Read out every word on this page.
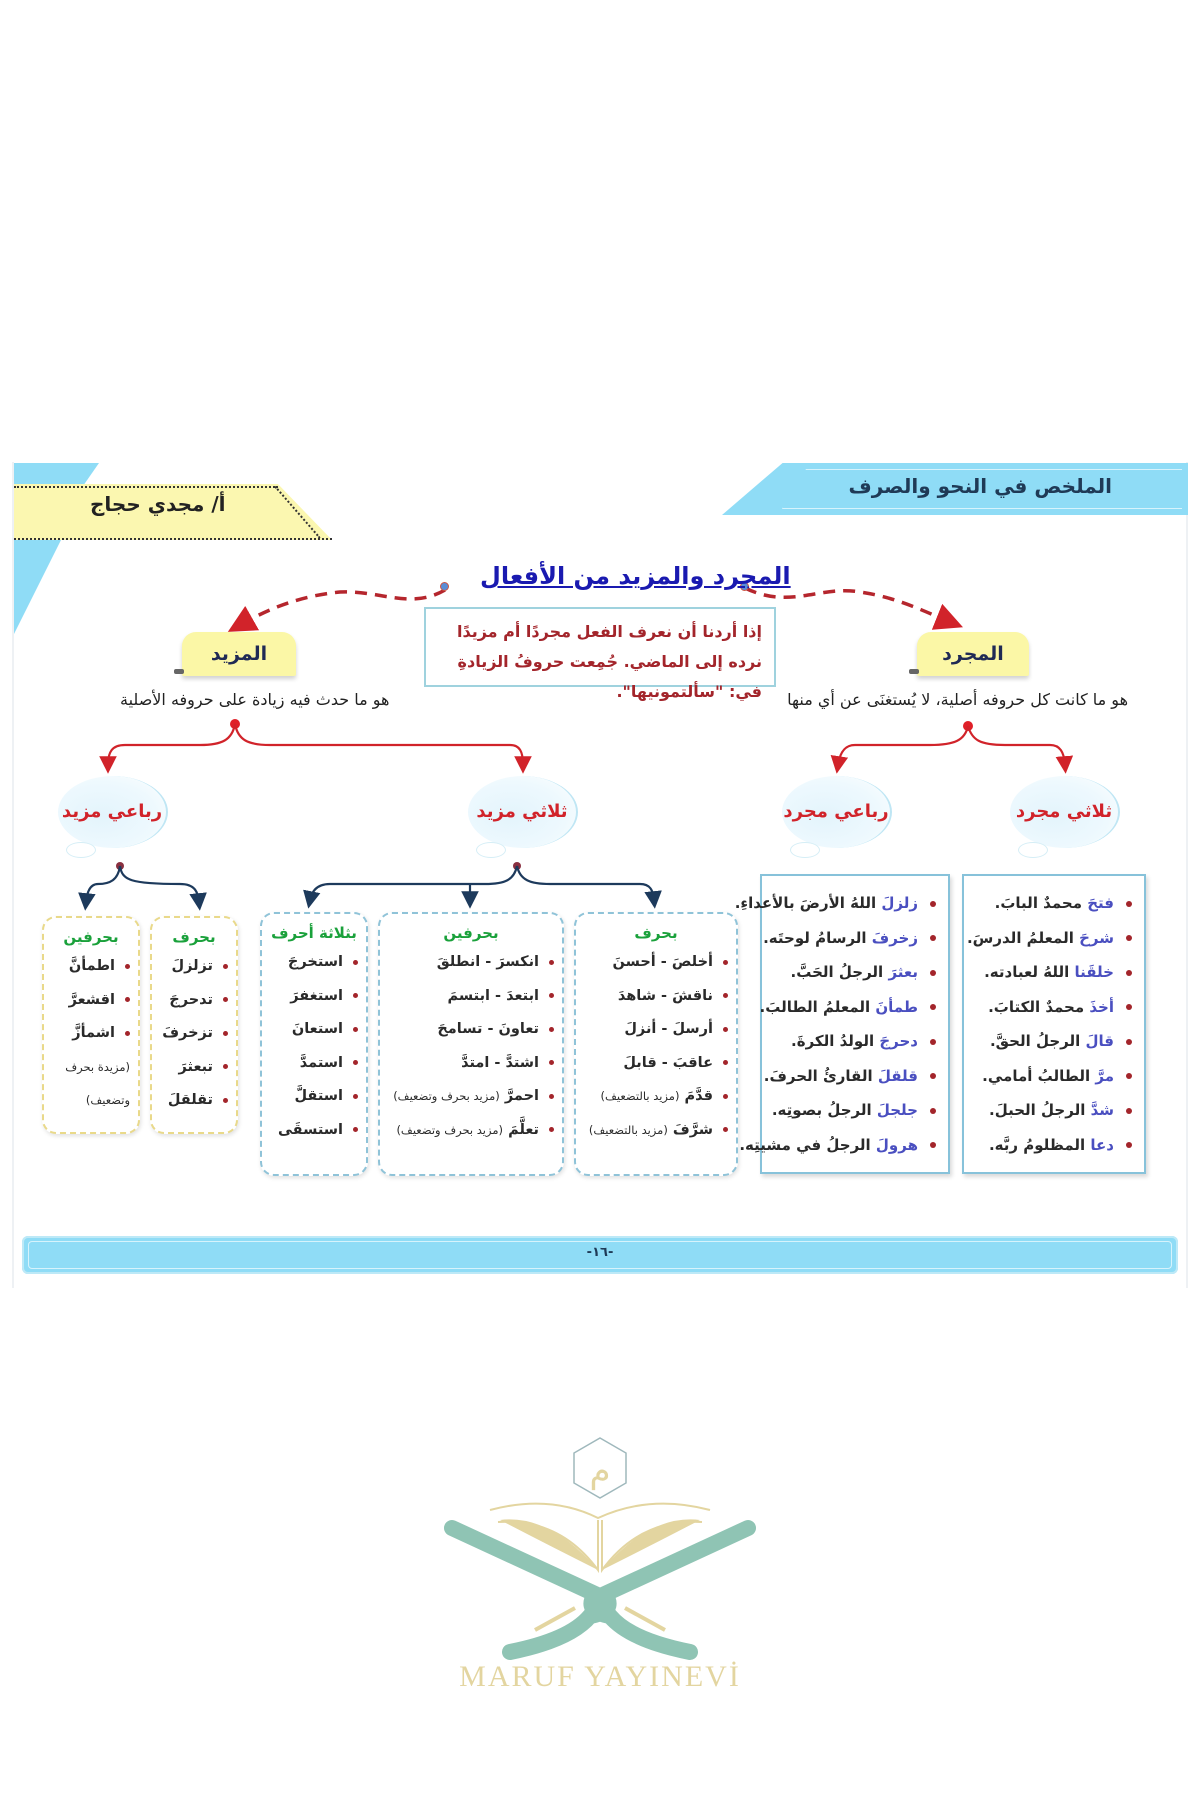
الملخص في النحو والصرف
أ/ مجدي حجاج
المجرد والمزيد من الأفعال
إذا أردنا أن نعرف الفعل مجردًا أم مزيدًا نرده إلى الماضي. جُمِعت حروفُ الزيادةِ في: "سألتمونيها".
المجرد
هو ما كانت كل حروفه أصلية، لا يُستغنَى عن أي منها
المزيد
هو ما حدث فيه زيادة على حروفه الأصلية
ثلاثي مجرد
رباعي مجرد
ثلاثي مزيد
رباعي مزيد
فتحَ محمدٌ البابَ.
شرحَ المعلمُ الدرسَ.
خلقَنا اللهُ لعبادته.
أخذَ محمدٌ الكتابَ.
قالَ الرجلُ الحقَّ.
مرَّ الطالبُ أمامي.
شدَّ الرجلُ الحبلَ.
دعا المظلومُ ربَّه.
زلزلَ اللهُ الأرضَ بالأعداءِ.
زخرفَ الرسامُ لوحتَه.
بعثرَ الرجلُ الحَبَّ.
طمأنَ المعلمُ الطالبَ.
دحرجَ الولدُ الكرةَ.
قلقلَ القارئُ الحرفَ.
جلجلَ الرجلُ بصوتِه.
هرولَ الرجلُ في مشيتِه.
بحرف
أخلصَ - أحسنَ
ناقشَ - شاهدَ
أرسلَ - أنزلَ
عاقبَ - قابلَ
قدَّمَ (مزيد بالتضعيف)
شرَّفَ (مزيد بالتضعيف)
بحرفين
انكسرَ - انطلقَ
ابتعدَ - ابتسمَ
تعاونَ - تسامحَ
اشتدَّ - امتدَّ
احمرَّ (مزيد بحرف وتضعيف)
تعلَّمَ (مزيد بحرف وتضعيف)
بثلاثة أحرف
استخرجَ
استغفرَ
استعانَ
استمدَّ
استقلَّ
استسقَى
بحرف
تزلزلَ
تدحرجَ
تزخرفَ
تبعثرَ
تقلقلَ
بحرفين
اطمأنَّ
اقشعرَّ
اشمأزَّ
(مزيدة بحرف
وتضعيف)
-١٦-
م
MARUF YAYINEVİ
